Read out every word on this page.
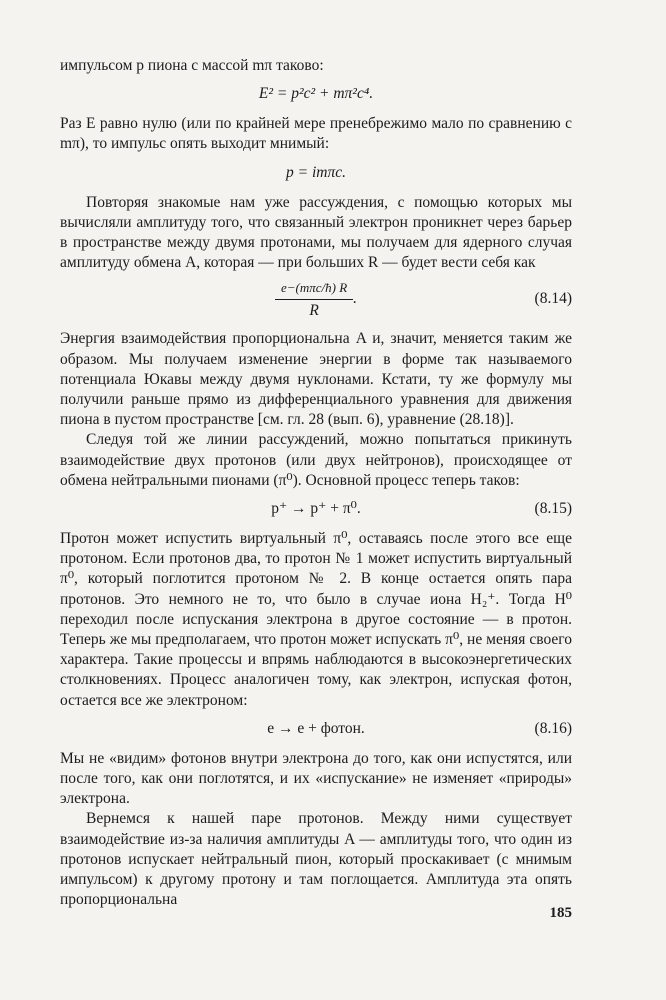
импульсом p пиона с массой mπ таково:

E² = p²c² + mπ²c⁴.

Раз E равно нулю (или по крайней мере пренебрежимо мало по сравнению с mπ), то импульс опять выходит мнимый:

p = imπc.

Повторяя знакомые нам уже рассуждения, с помощью которых мы вычисляли амплитуду того, что связанный электрон проникнет через барьер в пространстве между двумя протонами, мы получаем для ядерного случая амплитуду обмена A, которая — при больших R — будет вести себя как

$\frac{\text{e−(mπc/ħ) R}}{R}$ .	(8.14)

Энергия взаимодействия пропорциональна A и, значит, меняется таким же образом. Мы получаем изменение энергии в форме так называемого потенциала Юкавы между двумя нуклонами. Кстати, ту же формулу мы получили раньше прямо из дифференциального уравнения для движения пиона в пустом пространстве [см. гл. 28 (вып. 6), уравнение (28.18)].

Следуя той же линии рассуждений, можно попытаться прикинуть взаимодействие двух протонов (или двух нейтронов), происходящее от обмена нейтральными пионами (π⁰). Основной процесс теперь таков:

p⁺ → p⁺ + π⁰.	(8.15)

Протон может испустить виртуальный π⁰, оставаясь после этого все еще протоном. Если протонов два, то протон № 1 может испустить виртуальный π⁰, который поглотится протоном № 2. В конце остается опять пара протонов. Это немного не то, что было в случае иона H₂⁺. Тогда H⁰ переходил после испускания электрона в другое состояние — в протон. Теперь же мы предполагаем, что протон может испускать π⁰, не меняя своего характера. Такие процессы и впрямь наблюдаются в высокоэнергетических столкновениях. Процесс аналогичен тому, как электрон, испуская фотон, остается все же электроном:

e → e + фотон.	(8.16)

Мы не «видим» фотонов внутри электрона до того, как они испустятся, или после того, как они поглотятся, и их «испускание» не изменяет «природы» электрона.

Вернемся к нашей паре протонов. Между ними существует взаимодействие из-за наличия амплитуды A — амплитуды того, что один из протонов испускает нейтральный пион, который проскакивает (с мнимым импульсом) к другому протону и там поглощается. Амплитуда эта опять пропорциональна

185
